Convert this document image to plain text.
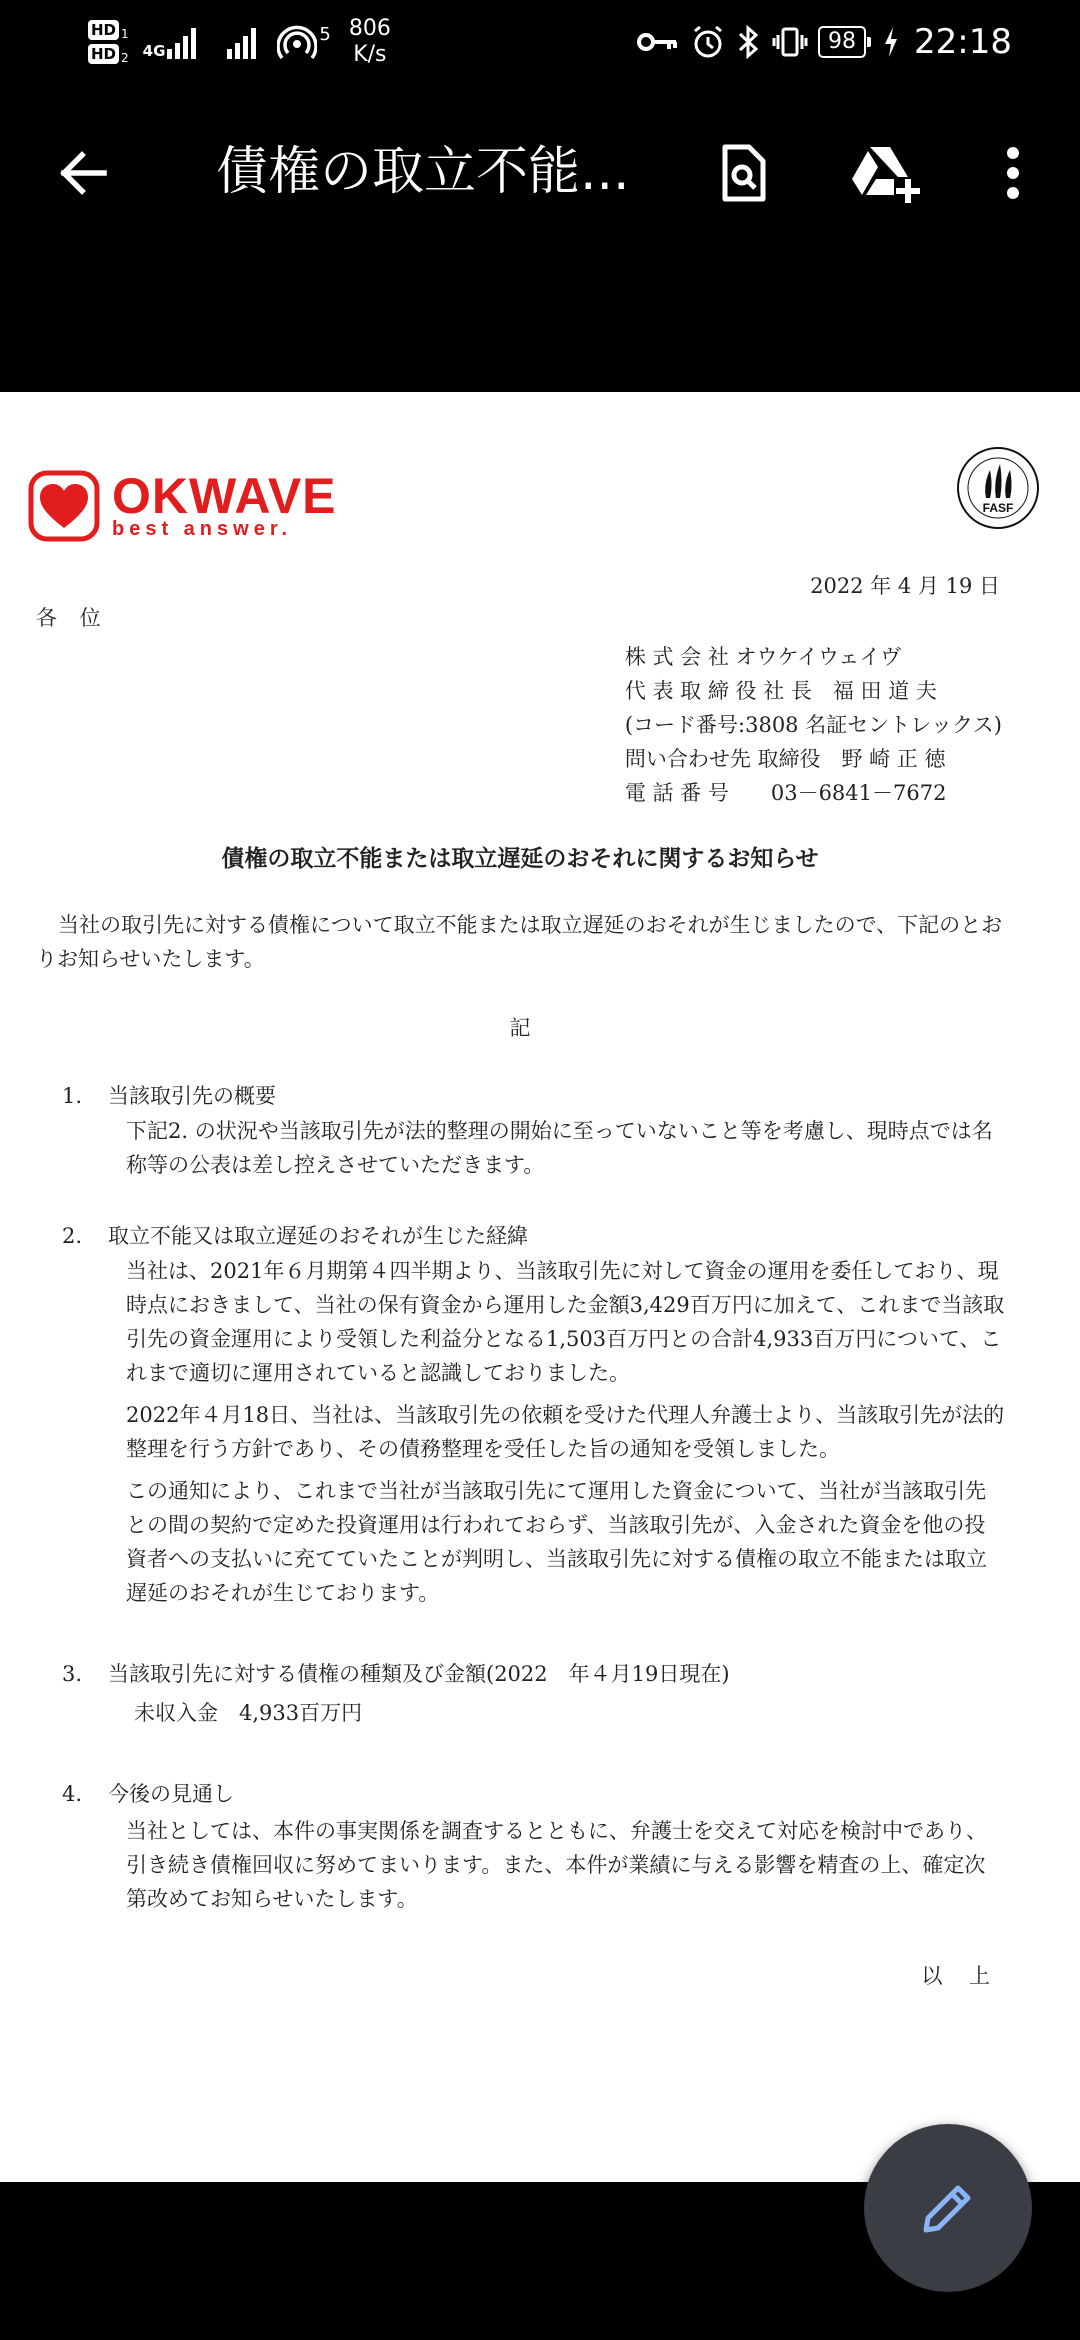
HD 1
HD 2 4G
5 806
K/s
98 22:18
債権の取立不能...
OKWAVE
best answer.
FASF
2022 年 4 月 19 日
各 位
株 式 会 社 オウケイウェイヴ
代 表 取 締 役 社 長　福 田 道 夫
(コード番号:3808 名証セントレックス)
問い合わせ先 取締役　野 崎 正 徳
電 話 番 号　　03－6841－7672
債権の取立不能または取立遅延のおそれに関するお知らせ
当社の取引先に対する債権について取立不能または取立遅延のおそれが生じましたので、下記のとおりお知らせいたします。
記
1. 当該取引先の概要

下記2. の状況や当該取引先が法的整理の開始に至っていないこと等を考慮し、現時点では名称等の公表は差し控えさせていただきます。

2. 取立不能又は取立遅延のおそれが生じた経緯

当社は、2021年６月期第４四半期より、当該取引先に対して資金の運用を委任しており、現時点におきまして、当社の保有資金から運用した金額3,429百万円に加えて、これまで当該取引先の資金運用により受領した利益分となる1,503百万円との合計4,933百万円について、これまで適切に運用されていると認識しておりました。

2022年４月18日、当社は、当該取引先の依頼を受けた代理人弁護士より、当該取引先が法的整理を行う方針であり、その債務整理を受任した旨の通知を受領しました。

この通知により、これまで当社が当該取引先にて運用した資金について、当社が当該取引先との間の契約で定めた投資運用は行われておらず、当該取引先が、入金された資金を他の投資者への支払いに充てていたことが判明し、当該取引先に対する債権の取立不能または取立遅延のおそれが生じております。

3. 当該取引先に対する債権の種類及び金額(2022　年４月19日現在)

未収入金　4,933百万円

4. 今後の見通し

当社としては、本件の事実関係を調査するとともに、弁護士を交えて対応を検討中であり、引き続き債権回収に努めてまいります。また、本件が業績に与える影響を精査の上、確定次第改めてお知らせいたします。

以 上
